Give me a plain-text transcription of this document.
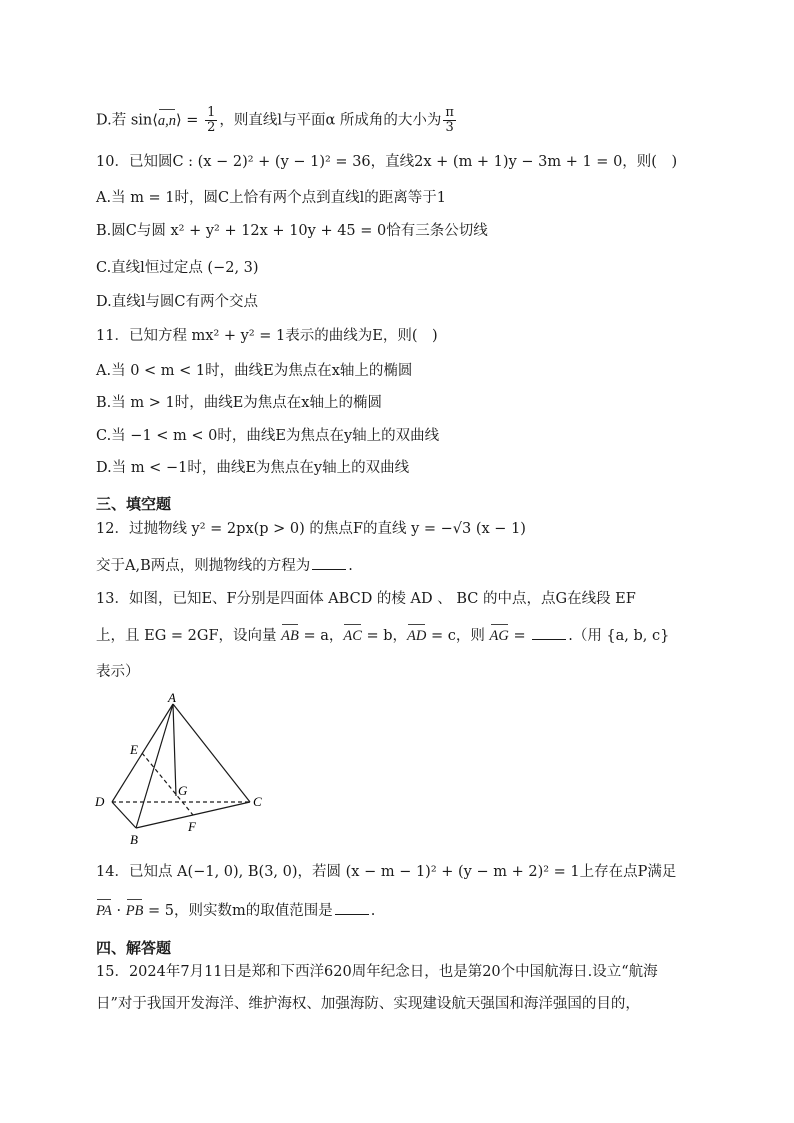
D.若 sin⟨a,n⟩ = $\frac{1}{2}$ ，则直线l与平面α 所成角的大小为 $\frac{\pi}{3}$
10．已知圆C : (x − 2)² + (y − 1)² = 36，直线2x + (m + 1)y − 3m + 1 = 0，则(　)
A.当 m = 1时，圆C上恰有两个点到直线l的距离等于1
B.圆C与圆 x² + y² + 12x + 10y + 45 = 0恰有三条公切线
C.直线l恒过定点 (−2, 3)
D.直线l与圆C有两个交点
11．已知方程 mx² + y² = 1表示的曲线为E，则(　)
A.当 0 < m < 1时，曲线E为焦点在x轴上的椭圆
B.当 m > 1时，曲线E为焦点在x轴上的椭圆
C.当 −1 < m < 0时，曲线E为焦点在y轴上的双曲线
D.当 m < −1时，曲线E为焦点在y轴上的双曲线
三、填空题
12．过抛物线 y² = 2px(p > 0) 的焦点F的直线 y = −√3 (x − 1)
交于A,B两点，则抛物线的方程为	.
13．如图，已知E、F分别是四面体 ABCD 的棱 AD 、 BC 的中点，点G在线段 EF
上，且 EG = 2GF，设向量 AB = a，AC = b，AD = c，则 AG =	.（用 {a, b, c}
表示）
A
E
G
D	C
B
F
14．已知点 A(−1, 0), B(3, 0)，若圆 (x − m − 1)² + (y − m + 2)² = 1上存在点P满足
PA · PB = 5，则实数m的取值范围是	.
四、解答题
15．2024年7月11日是郑和下西洋620周年纪念日，也是第20个中国航海日.设立“航海
日”对于我国开发海洋、维护海权、加强海防、实现建设航天强国和海洋强国的目的，
